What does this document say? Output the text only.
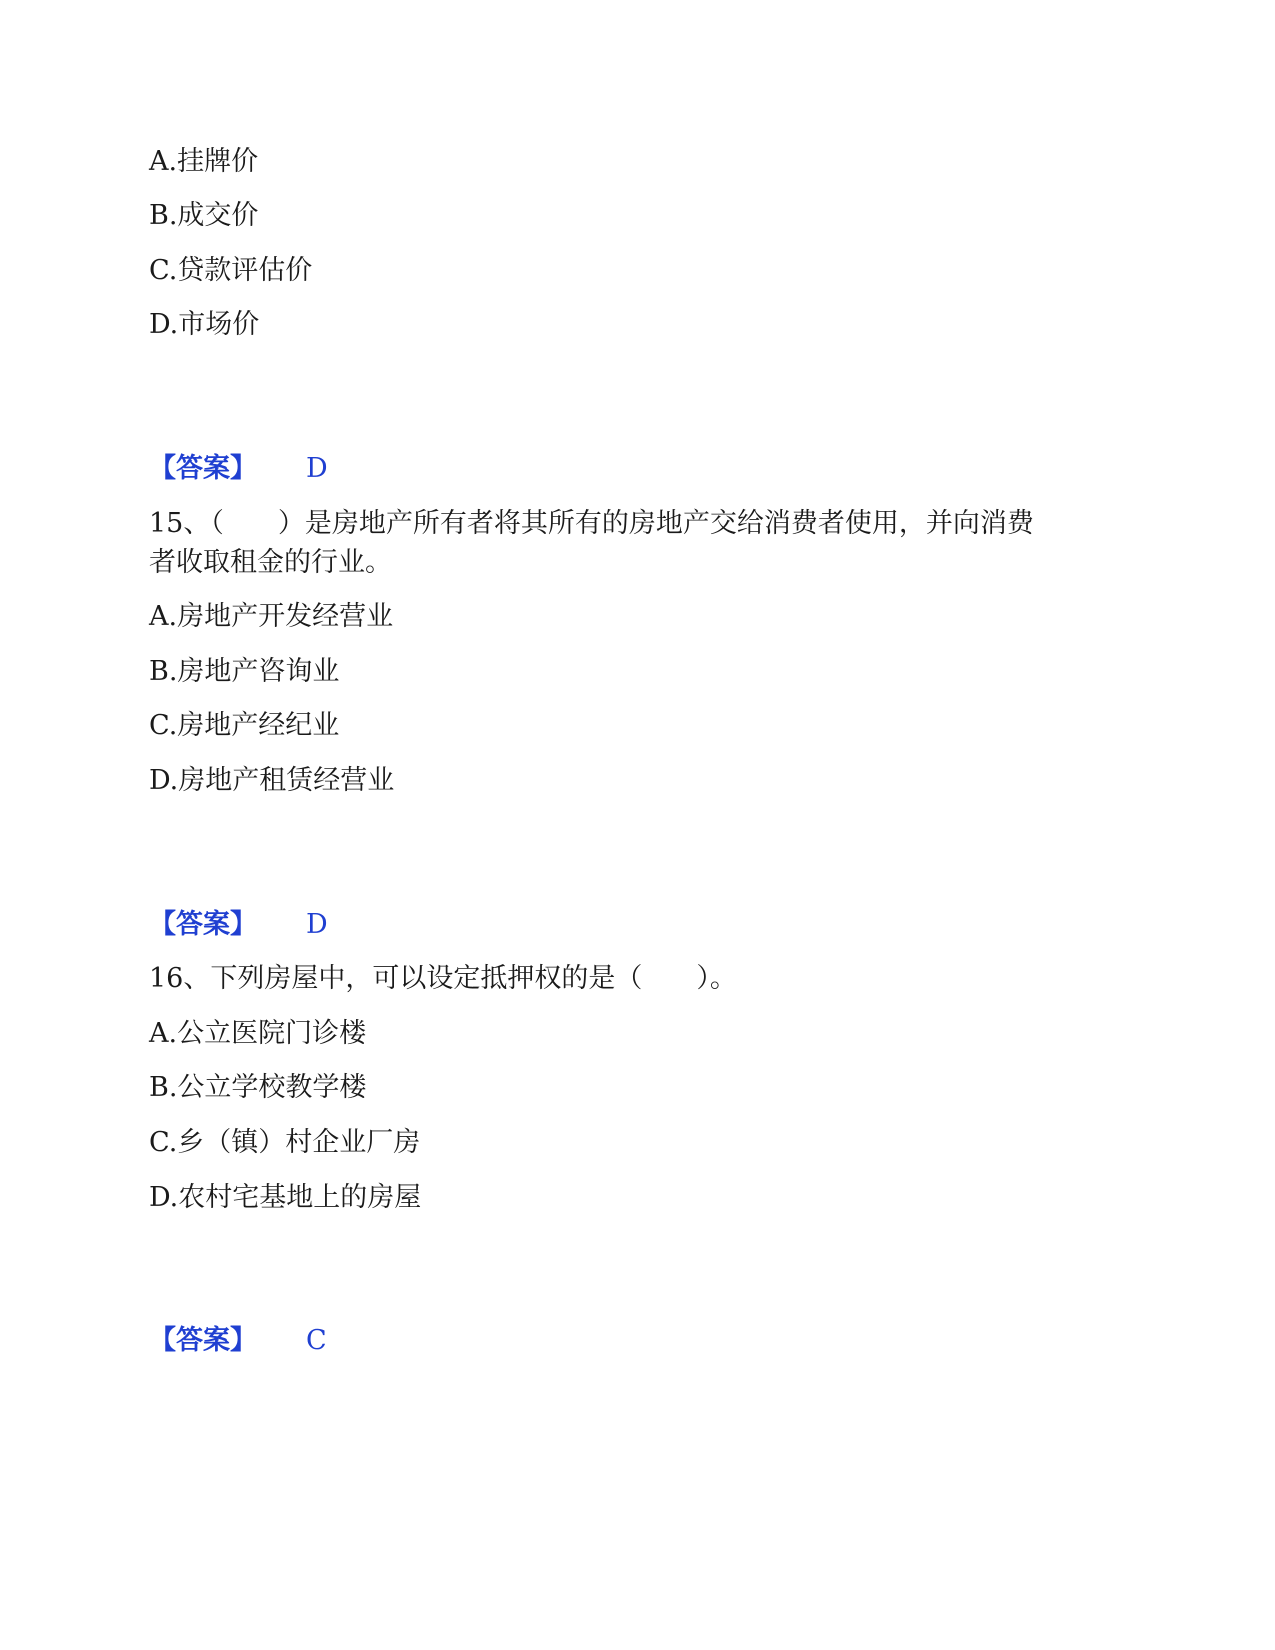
A.挂牌价
B.成交价
C.贷款评估价
D.市场价
【答案】 D
15、（　　）是房地产所有者将其所有的房地产交给消费者使用，并向消费
者收取租金的行业。
A.房地产开发经营业
B.房地产咨询业
C.房地产经纪业
D.房地产租赁经营业
【答案】 D
16、下列房屋中，可以设定抵押权的是（　　）。
A.公立医院门诊楼
B.公立学校教学楼
C.乡（镇）村企业厂房
D.农村宅基地上的房屋
【答案】 C
